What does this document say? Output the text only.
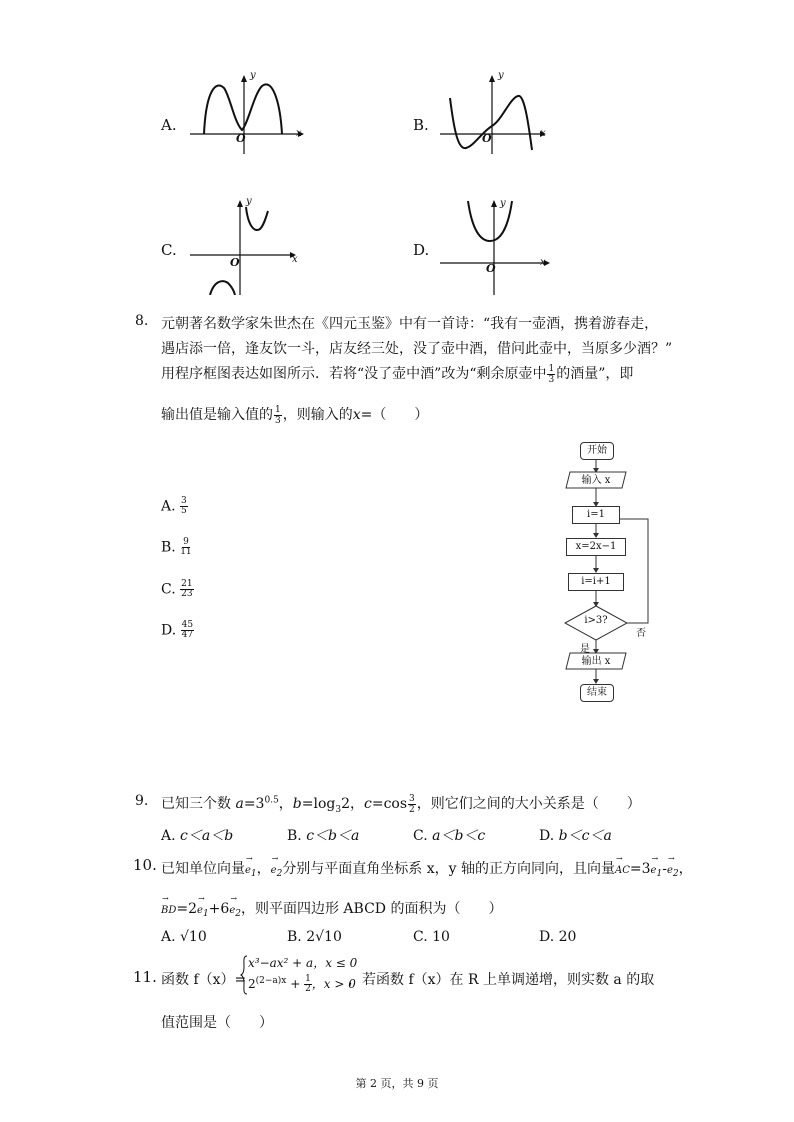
A.
y
x
O
B.
y
x
O
C.
y
x
O
D.
y
x
O
8. 元朝著名数学家朱世杰在《四元玉鉴》中有一首诗：“我有一壶酒，携着游春走，
遇店添一倍，逢友饮一斗，店友经三处，没了壶中酒，借问此壶中，当原多少酒？”
用程序框图表达如图所示．若将“没了壶中酒”改为“剩余原壶中 $\frac{1}{3}$ 的酒量”，即
输出值是输入值的 $\frac{1}{3}$ ，则输入的x=（　　）
A. $\frac{3}{5}$
B. $\frac{9}{11}$
C. $\frac{21}{23}$
D. $\frac{45}{47}$
开始
输入 x
i=1
x=2x−1
i=i+1
i>3?
否
是
输出 x
结束
9. 已知三个数 $a=3^{0.5}$，$b=\log_32$，$c=\cos \frac{3}{2}$ ，则它们之间的大小关系是（　　）
A. c＜a＜b	B. c＜b＜a	C. a＜b＜c	D. b＜c＜a
10. 已知单位向量→ $e_1$，→ $e_2$分别与平面直角坐标系 x，y 轴的正方向同向，且向量→ $AC=3\to e_1-\to e_2$，
→ $BD=2\to e_1+6\to e_2$，则平面四边形 ABCD 的面积为（　　）
A. √10	B. 2√10	C. 10	D. 20
11. 函数 f（x）=
x³−ax² + a，x ≤ 0
$2^{(2-a)x} + \frac{1}{2}$ ，x > 0
，若函数 f（x）在 R 上单调递增，则实数 a 的取
值范围是（　　）
第 2 页，共 9 页
